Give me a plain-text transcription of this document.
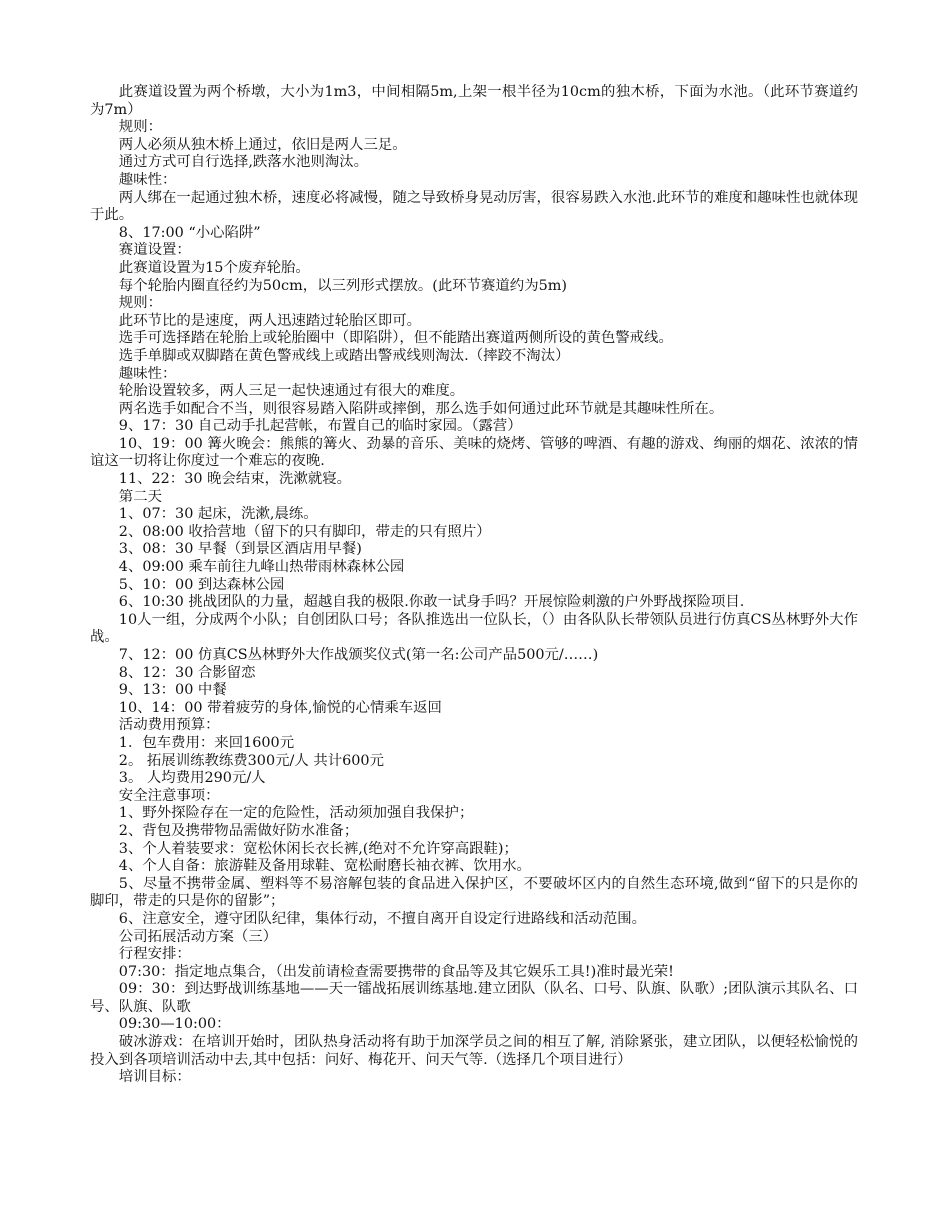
此赛道设置为两个桥墩，大小为1m3，中间相隔5m,上架一根半径为10cm的独木桥，下面为水池。（此环节赛道约为7m）

规则：

两人必须从独木桥上通过，依旧是两人三足。

通过方式可自行选择,跌落水池则淘汰。

趣味性：

两人绑在一起通过独木桥，速度必将减慢，随之导致桥身晃动厉害，很容易跌入水池.此环节的难度和趣味性也就体现于此。

8、17:00 “小心陷阱”

赛道设置：

此赛道设置为15个废弃轮胎。

每个轮胎内圈直径约为50cm，以三列形式摆放。(此环节赛道约为5m)

规则：

此环节比的是速度，两人迅速踏过轮胎区即可。

选手可选择踏在轮胎上或轮胎圈中（即陷阱），但不能踏出赛道两侧所设的黄色警戒线。

选手单脚或双脚踏在黄色警戒线上或踏出警戒线则淘汰.（摔跤不淘汰）

趣味性：

轮胎设置较多，两人三足一起快速通过有很大的难度。

两名选手如配合不当，则很容易踏入陷阱或摔倒，那么选手如何通过此环节就是其趣味性所在。

9、17：30 自己动手扎起营帐，布置自己的临时家园。（露营）

10、19：00 篝火晚会：熊熊的篝火、劲暴的音乐、美味的烧烤、管够的啤酒、有趣的游戏、绚丽的烟花、浓浓的情谊这一切将让你度过一个难忘的夜晚.

11、22：30 晚会结束，洗漱就寝。

第二天

1、07：30 起床，洗漱,晨练。

2、08:00 收拾营地（留下的只有脚印，带走的只有照片）

3、08：30 早餐（到景区酒店用早餐)

4、09:00 乘车前往九峰山热带雨林森林公园

5、10：00 到达森林公园

6、10:30 挑战团队的力量，超越自我的极限.你敢一试身手吗？开展惊险刺激的户外野战探险项目.

10人一组，分成两个小队；自创团队口号；各队推选出一位队长，（）由各队队长带领队员进行仿真CS丛林野外大作战。

7、12：00 仿真CS丛林野外大作战颁奖仪式(第一名:公司产品500元/……)

8、12：30 合影留恋

9、13：00 中餐

10、14：00 带着疲劳的身体,愉悦的心情乘车返回

活动费用预算：

1．包车费用：来回1600元

2。 拓展训练教练费300元/人 共计600元

3。 人均费用290元/人

安全注意事项：

1、野外探险存在一定的危险性，活动须加强自我保护；

2、背包及携带物品需做好防水准备；

3、个人着装要求：宽松休闲长衣长裤,(绝对不允许穿高跟鞋)；

4、个人自备：旅游鞋及备用球鞋、宽松耐磨长袖衣裤、饮用水。

5、尽量不携带金属、塑料等不易溶解包装的食品进入保护区，不要破坏区内的自然生态环境,做到“留下的只是你的脚印，带走的只是你的留影”；

6、注意安全，遵守团队纪律，集体行动，不擅自离开自设定行进路线和活动范围。

公司拓展活动方案（三）

行程安排：

07:30：指定地点集合，（出发前请检查需要携带的食品等及其它娱乐工具!)准时最光荣!

09：30：到达野战训练基地——天一镭战拓展训练基地.建立团队（队名、口号、队旗、队歌）;团队演示其队名、口号、队旗、队歌

09:30—10:00：

破冰游戏：在培训开始时，团队热身活动将有助于加深学员之间的相互了解, 消除紧张，建立团队，以便轻松愉悦的投入到各项培训活动中去,其中包括：问好、梅花开、问天气等.（选择几个项目进行）

培训目标：
